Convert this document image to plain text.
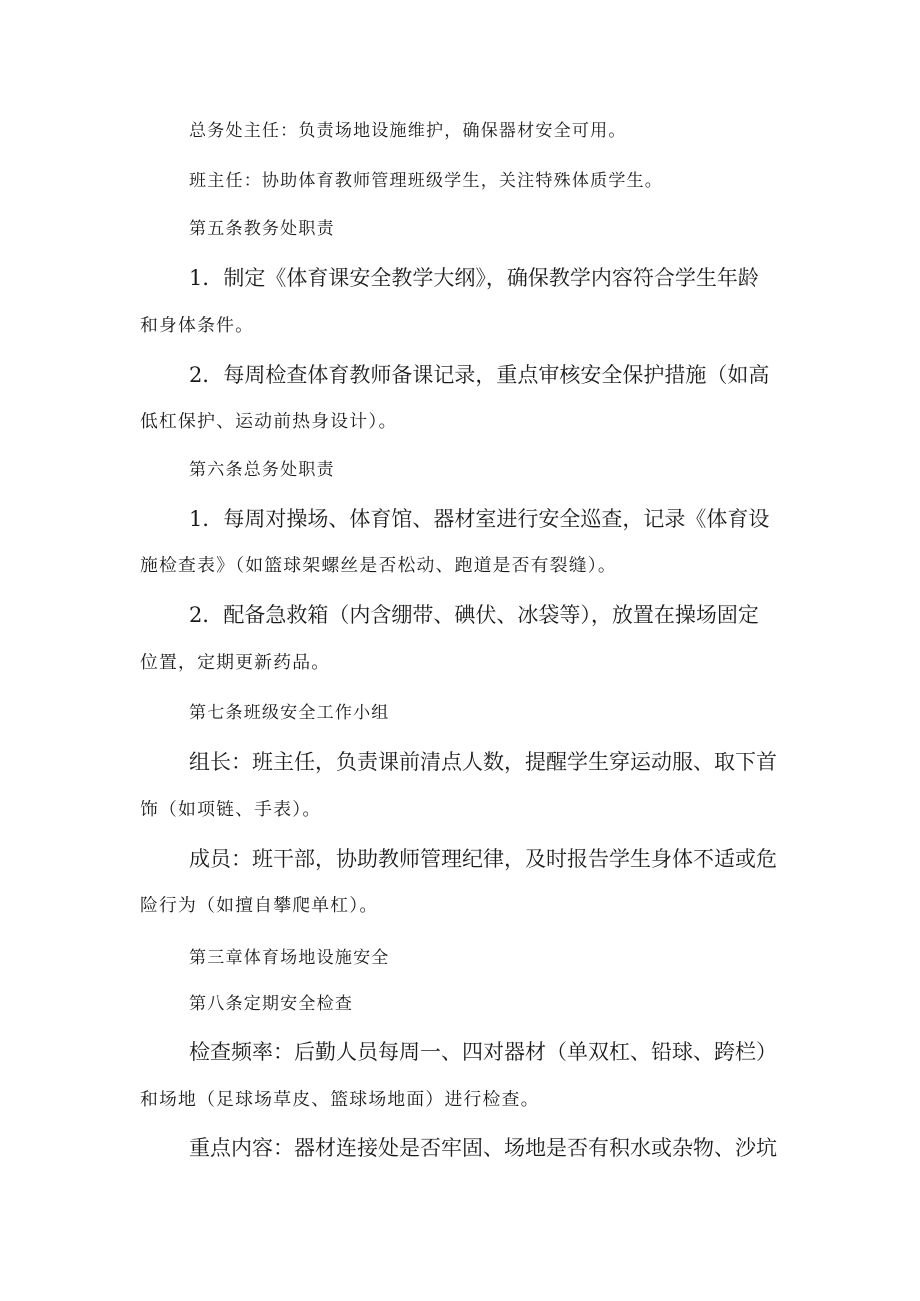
总务处主任：负责场地设施维护，确保器材安全可用。
班主任：协助体育教师管理班级学生，关注特殊体质学生。
第五条教务处职责
1．制定《体育课安全教学大纲》，确保教学内容符合学生年龄
和身体条件。
2．每周检查体育教师备课记录，重点审核安全保护措施（如高
低杠保护、运动前热身设计）。
第六条总务处职责
1．每周对操场、体育馆、器材室进行安全巡查，记录《体育设
施检查表》（如篮球架螺丝是否松动、跑道是否有裂缝）。
2．配备急救箱（内含绷带、碘伏、冰袋等），放置在操场固定
位置，定期更新药品。
第七条班级安全工作小组
组长：班主任，负责课前清点人数，提醒学生穿运动服、取下首
饰（如项链、手表）。
成员：班干部，协助教师管理纪律，及时报告学生身体不适或危
险行为（如擅自攀爬单杠）。
第三章体育场地设施安全
第八条定期安全检查
检查频率：后勤人员每周一、四对器材（单双杠、铅球、跨栏）
和场地（足球场草皮、篮球场地面）进行检查。
重点内容：器材连接处是否牢固、场地是否有积水或杂物、沙坑
